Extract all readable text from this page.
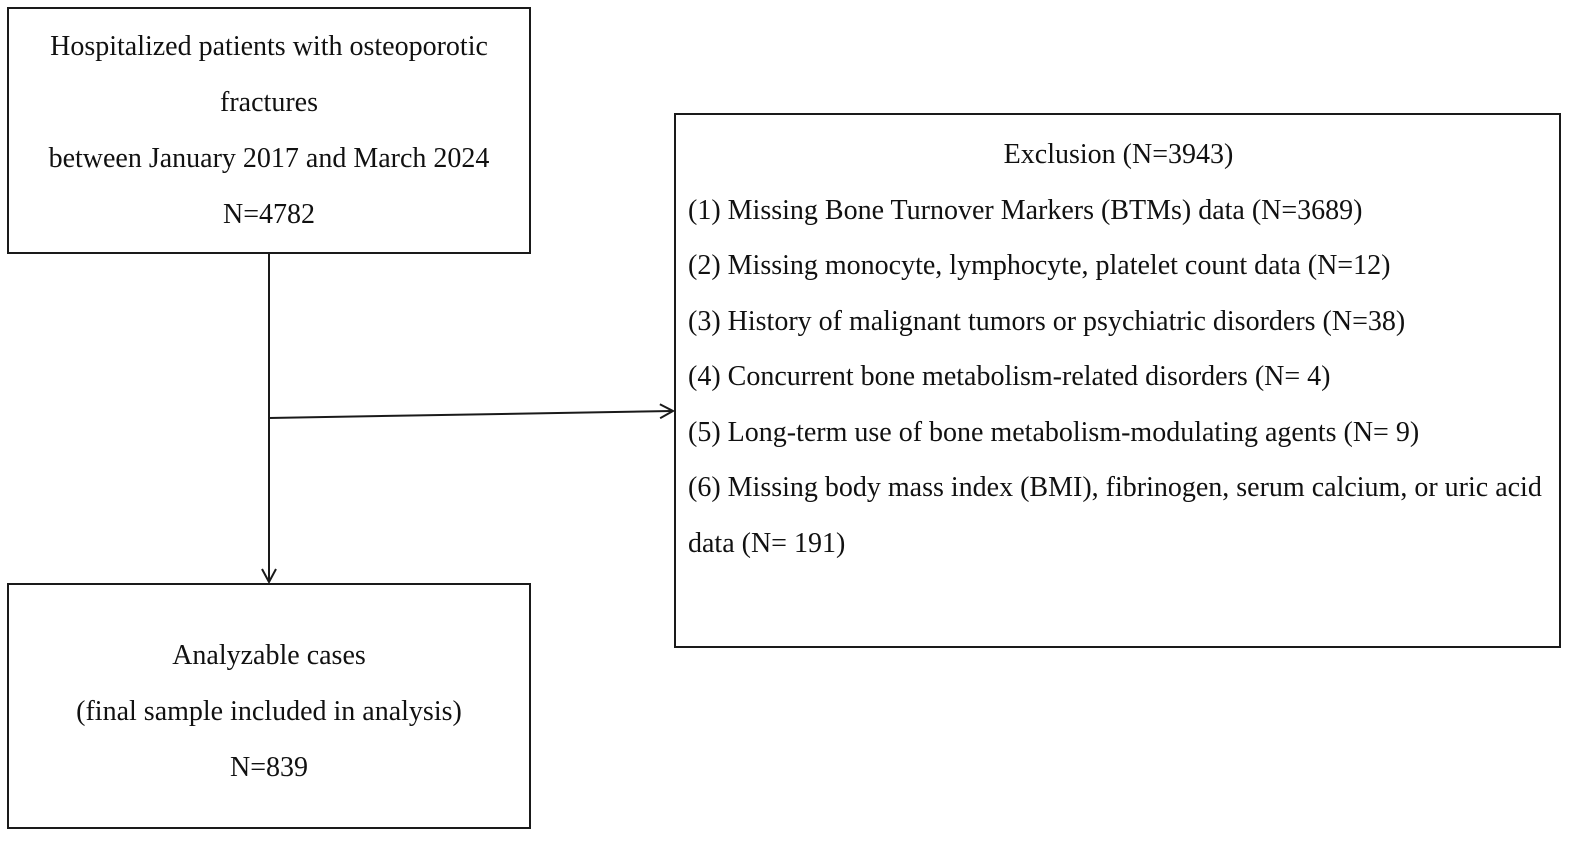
Hospitalized patients with osteoporotic
fractures
between January 2017 and March 2024
N=4782
Exclusion (N=3943)
(1) Missing Bone Turnover Markers (BTMs) data (N=3689)
(2) Missing monocyte, lymphocyte, platelet count data (N=12)
(3) History of malignant tumors or psychiatric disorders (N=38)
(4) Concurrent bone metabolism-related disorders (N= 4)
(5) Long-term use of bone metabolism-modulating agents (N= 9)
(6) Missing body mass index (BMI), fibrinogen, serum calcium, or uric acid data (N= 191)
Analyzable cases
(final sample included in analysis)
N=839
